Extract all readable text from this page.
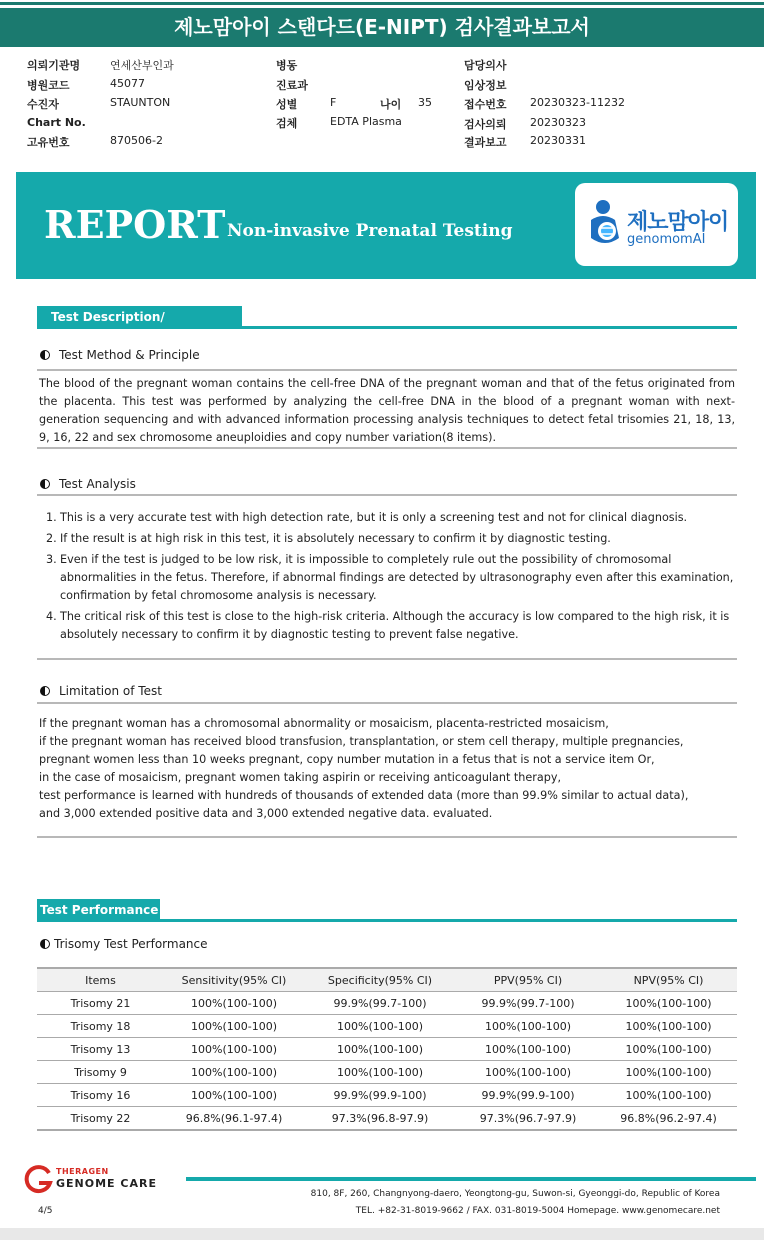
제노맘아이 스탠다드(E-NIPT) 검사결과보고서
의뢰기관명	연세산부인과
병원코드	45077
수진자	STAUNTON
Chart No.
고유번호	870506-2
병동
진료과
성별	F	나이 35
검체	EDTA Plasma
담당의사
임상정보
접수번호 20230323-11232
검사의뢰 20230323
결과보고 20230331
REPORT Non-invasive Prenatal Testing	제노맘아이
genomomAI
Test Description/ Interpretation
Test Method & Principle
The blood of the pregnant woman contains the cell-free DNA of the pregnant woman and that of the fetus originated from the placenta. This test was performed by analyzing the cell-free DNA in the blood of a pregnant woman with next-generation sequencing and with advanced information processing analysis techniques to detect fetal trisomies 21, 18, 13, 9, 16, 22 and sex chromosome aneuploidies and copy number variation(8 items).
Test Analysis
1. This is a very accurate test with high detection rate, but it is only a screening test and not for clinical diagnosis.
2. If the result is at high risk in this test, it is absolutely necessary to confirm it by diagnostic testing.
3. Even if the test is judged to be low risk, it is impossible to completely rule out the possibility of chromosomal abnormalities in the fetus. Therefore, if abnormal findings are detected by ultrasonography even after this examination, confirmation by fetal chromosome analysis is necessary.
4. The critical risk of this test is close to the high-risk criteria. Although the accuracy is low compared to the high risk, it is absolutely necessary to confirm it by diagnostic testing to prevent false negative.
Limitation of Test
If the pregnant woman has a chromosomal abnormality or mosaicism, placenta-restricted mosaicism,
if the pregnant woman has received blood transfusion, transplantation, or stem cell therapy, multiple pregnancies,
pregnant women less than 10 weeks pregnant, copy number mutation in a fetus that is not a service item Or,
in the case of mosaicism, pregnant women taking aspirin or receiving anticoagulant therapy,
test performance is learned with hundreds of thousands of extended data (more than 99.9% similar to actual data),
and 3,000 extended positive data and 3,000 extended negative data. evaluated.
Test Performance
Trisomy Test Performance
Items	Sensitivity(95% CI)	Specificity(95% CI)	PPV(95% CI)	NPV(95% CI)
Trisomy 21	100%(100-100)	99.9%(99.7-100)	99.9%(99.7-100)	100%(100-100)
Trisomy 18	100%(100-100)	100%(100-100)	100%(100-100)	100%(100-100)
Trisomy 13	100%(100-100)	100%(100-100)	100%(100-100)	100%(100-100)
Trisomy 9	100%(100-100)	100%(100-100)	100%(100-100)	100%(100-100)
Trisomy 16	100%(100-100)	99.9%(99.9-100)	99.9%(99.9-100)	100%(100-100)
Trisomy 22	96.8%(96.1-97.4)	97.3%(96.8-97.9)	97.3%(96.7-97.9)	96.8%(96.2-97.4)
THERAGEN
GENOME CARE
810, 8F, 260, Changnyong-daero, Yeongtong-gu, Suwon-si, Gyeonggi-do, Republic of Korea
TEL. +82-31-8019-9662 / FAX. 031-8019-5004 Homepage. www.genomecare.net
4/5
